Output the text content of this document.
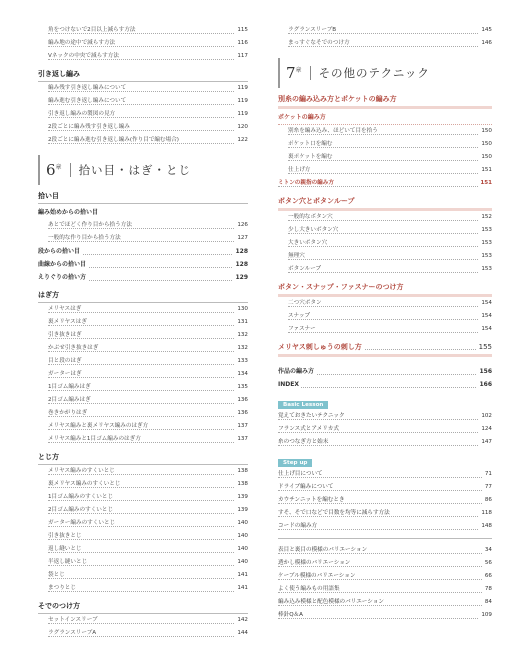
角をつけないで2目以上減らす方法	115
編み地の途中で減らす方法	116
Vネックの中央で減らす方法	117
引き返し編み
編み残す引き返し編みについて	119
編み進む引き返し編みについて	119
引き返し編みの製図の見方	119
2段ごとに編み残す引き返し編み	120
2段ごとに編み進む引き返し編み(作り目で編む場合)	122
$6^章$ 拾い目・はぎ・とじ
拾い目
編み始めからの拾い目
あとでほどく作り目から拾う方法	126
一般的な作り目から拾う方法	127
段からの拾い目	128
曲線からの拾い目	128
えりぐりの拾い方	129
はぎ方
メリヤスはぎ	130
裏メリヤスはぎ	131
引き抜きはぎ	132
かぶせ引き抜きはぎ	132
目と段のはぎ	133
ガーターはぎ	134
1目ゴム編みはぎ	135
2目ゴム編みはぎ	136
巻きかがりはぎ	136
メリヤス編みと裏メリヤス編みのはぎ方	137
メリヤス編みと1目ゴム編みのはぎ方	137
とじ方
メリヤス編みのすくいとじ	138
裏メリヤス編みのすくいとじ	138
1目ゴム編みのすくいとじ	139
2目ゴム編みのすくいとじ	139
ガーター編みのすくいとじ	140
引き抜きとじ	140
返し縫いとじ	140
半返し縫いとじ	140
袋とじ	141
まつりとじ	141
そでのつけ方
セットインスリーブ	142
ラグランスリーブA	144
ラグランスリーブB	145
まっすぐなそでのつけ方	146
$7^章$ その他のテクニック
別糸の編み込み方とポケットの編み方
ポケットの編み方
別糸を編み込み、ほどいて目を拾う	150
ポケット口を編む	150
裏ポケットを編む	150
仕上げ方	151
ミトンの親指の編み方	151
ボタン穴とボタンループ
一般的なボタン穴	152
少し大きいボタン穴	153
大きいボタン穴	153
無理穴	153
ボタンループ	153
ボタン・スナップ・ファスナーのつけ方
二つ穴ボタン	154
スナップ	154
ファスナー	154
メリヤス刺しゅうの刺し方	155
作品の編み方	156
INDEX	166
Basic Lesson
覚えておきたいテクニック	102
フランス式とアメリカ式	124
糸のつなぎ方と始末	147
Step up
仕上げ目について	71
ドライブ編みについて	77
カウチンニットを編むとき	86
すそ、そで口などで目数を均等に減らす方法	118
コードの編み方	148
表目と裏目の模様のバリエーション	34
透かし模様のバリエーション	56
ケーブル模様のバリエーション	66
よく使う編みもの用語集	78
編み込み模様と配色模様のバリエーション	84
棒針Q＆A	109
